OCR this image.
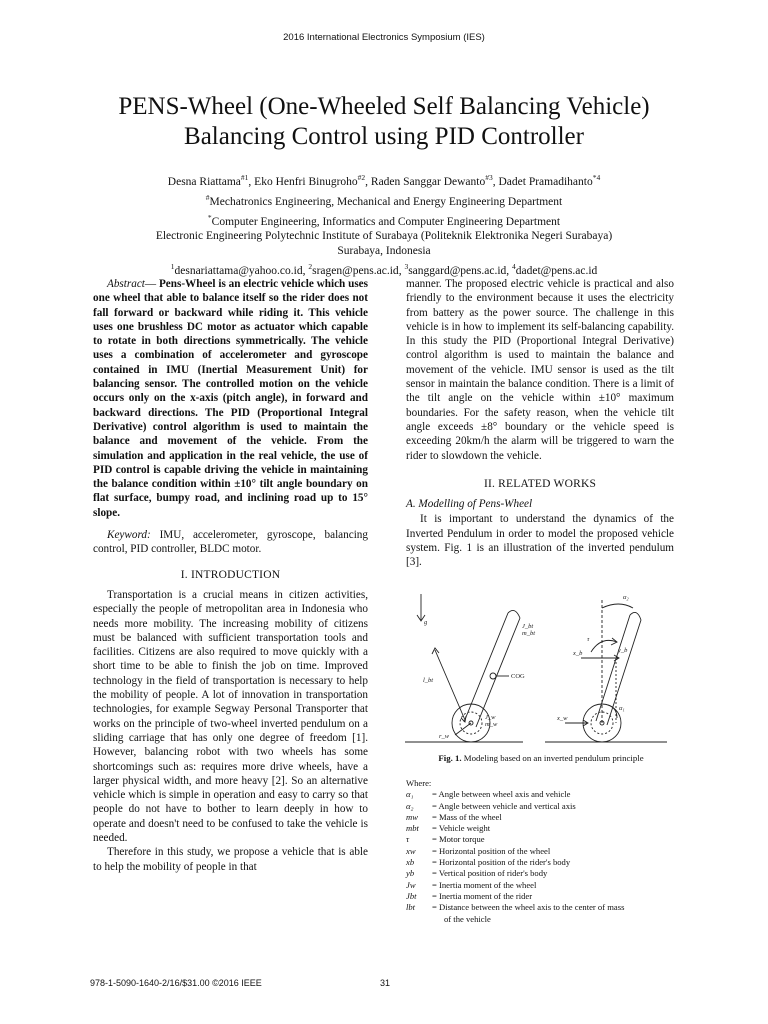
2016 International Electronics Symposium (IES)
PENS-Wheel (One-Wheeled Self Balancing Vehicle)
Balancing Control using PID Controller
Desna Riattama$^{\#1}$, Eko Henfri Binugroho$^{\#2}$, Raden Sanggar Dewanto$^{\#3}$, Dadet Pramadihanto$^{*4}$
#Mechatronics Engineering, Mechanical and Energy Engineering Department
*Computer Engineering, Informatics and Computer Engineering Department
Electronic Engineering Polytechnic Institute of Surabaya (Politeknik Elektronika Negeri Surabaya)
Surabaya, Indonesia
$^1$desnariattama@yahoo.co.id, $^2$sragen@pens.ac.id, $^3$sanggard@pens.ac.id, $^4$dadet@pens.ac.id

Abstract— Pens-Wheel is an electric vehicle which uses one wheel that able to balance itself so the rider does not fall forward or backward while riding it. This vehicle uses one brushless DC motor as actuator which capable to rotate in both directions symmetrically. The vehicle uses a combination of accelerometer and gyroscope contained in IMU (Inertial Measurement Unit) for balancing sensor. The controlled motion on the vehicle occurs only on the x-axis (pitch angle), in forward and backward directions. The PID (Proportional Integral Derivative) control algorithm is used to maintain the balance and movement of the vehicle. From the simulation and application in the real vehicle, the use of PID control is capable driving the vehicle in maintaining the balance condition within ±10° tilt angle boundary on flat surface, bumpy road, and inclining road up to 15° slope.

Keyword: IMU, accelerometer, gyroscope, balancing control, PID controller, BLDC motor.

I. INTRODUCTION

Transportation is a crucial means in citizen activities, especially the people of metropolitan area in Indonesia who needs more mobility. The increasing mobility of citizens must be balanced with sufficient transportation tools and facilities. Citizens are also required to move quickly with a short time to be able to finish the job on time. Improved technology in the field of transportation is necessary to help the mobility of people. A lot of innovation in transportation technologies, for example Segway Personal Transporter that works on the principle of two-wheel inverted pendulum on a sliding carriage that has only one degree of freedom [1]. However, balancing robot with two wheels has some shortcomings such as: requires more drive wheels, have a larger physical width, and more heavy [2]. So an alternative vehicle which is simple in operation and easy to carry so that people do not have to bother to learn deeply in how to operate and doesn't need to be confused to take the vehicle is needed.

Therefore in this study, we propose a vehicle that is able to help the mobility of people in that

manner. The proposed electric vehicle is practical and also friendly to the environment because it uses the electricity from battery as the power source. The challenge in this vehicle is in how to implement its self-balancing capability. In this study the PID (Proportional Integral Derivative) control algorithm is used to maintain the balance and movement of the vehicle. IMU sensor is used as the tilt sensor in maintain the balance condition. There is a limit of the tilt angle on the vehicle within ±10° maximum boundaries. For the safety reason, when the vehicle tilt angle exceeds ±8° boundary or the vehicle speed is exceeding 20km/h the alarm will be triggered to warn the rider to slowdown the vehicle.

II. RELATED WORKS
A. Modelling of Pens-Wheel

It is important to understand the dynamics of the Inverted Pendulum in order to model the proposed vehicle system. Fig. 1 is an illustration of the inverted pendulum [3].

g
l_bt
COG
J_w
m_w
r_w
J_bt
m_bt
α₂
τ
y_b
x_b
α₁
x_w
Fig. 1. Modeling based on an inverted pendulum principle
Where:
α₁	= Angle between wheel axis and vehicle
α₂	= Angle between vehicle and vertical axis
mw	= Mass of the wheel
mbt	= Vehicle weight
τ	= Motor torque
xw	= Horizontal position of the wheel
xb	= Horizontal position of the rider's body
yb	= Vertical position of rider's body
Jw	= Inertia moment of the wheel
Jbt	= Inertia moment of the rider
lbt	= Distance between the wheel axis to the center of mass
of the vehicle
978-1-5090-1640-2/16/$31.00 ©2016 IEEE	31
